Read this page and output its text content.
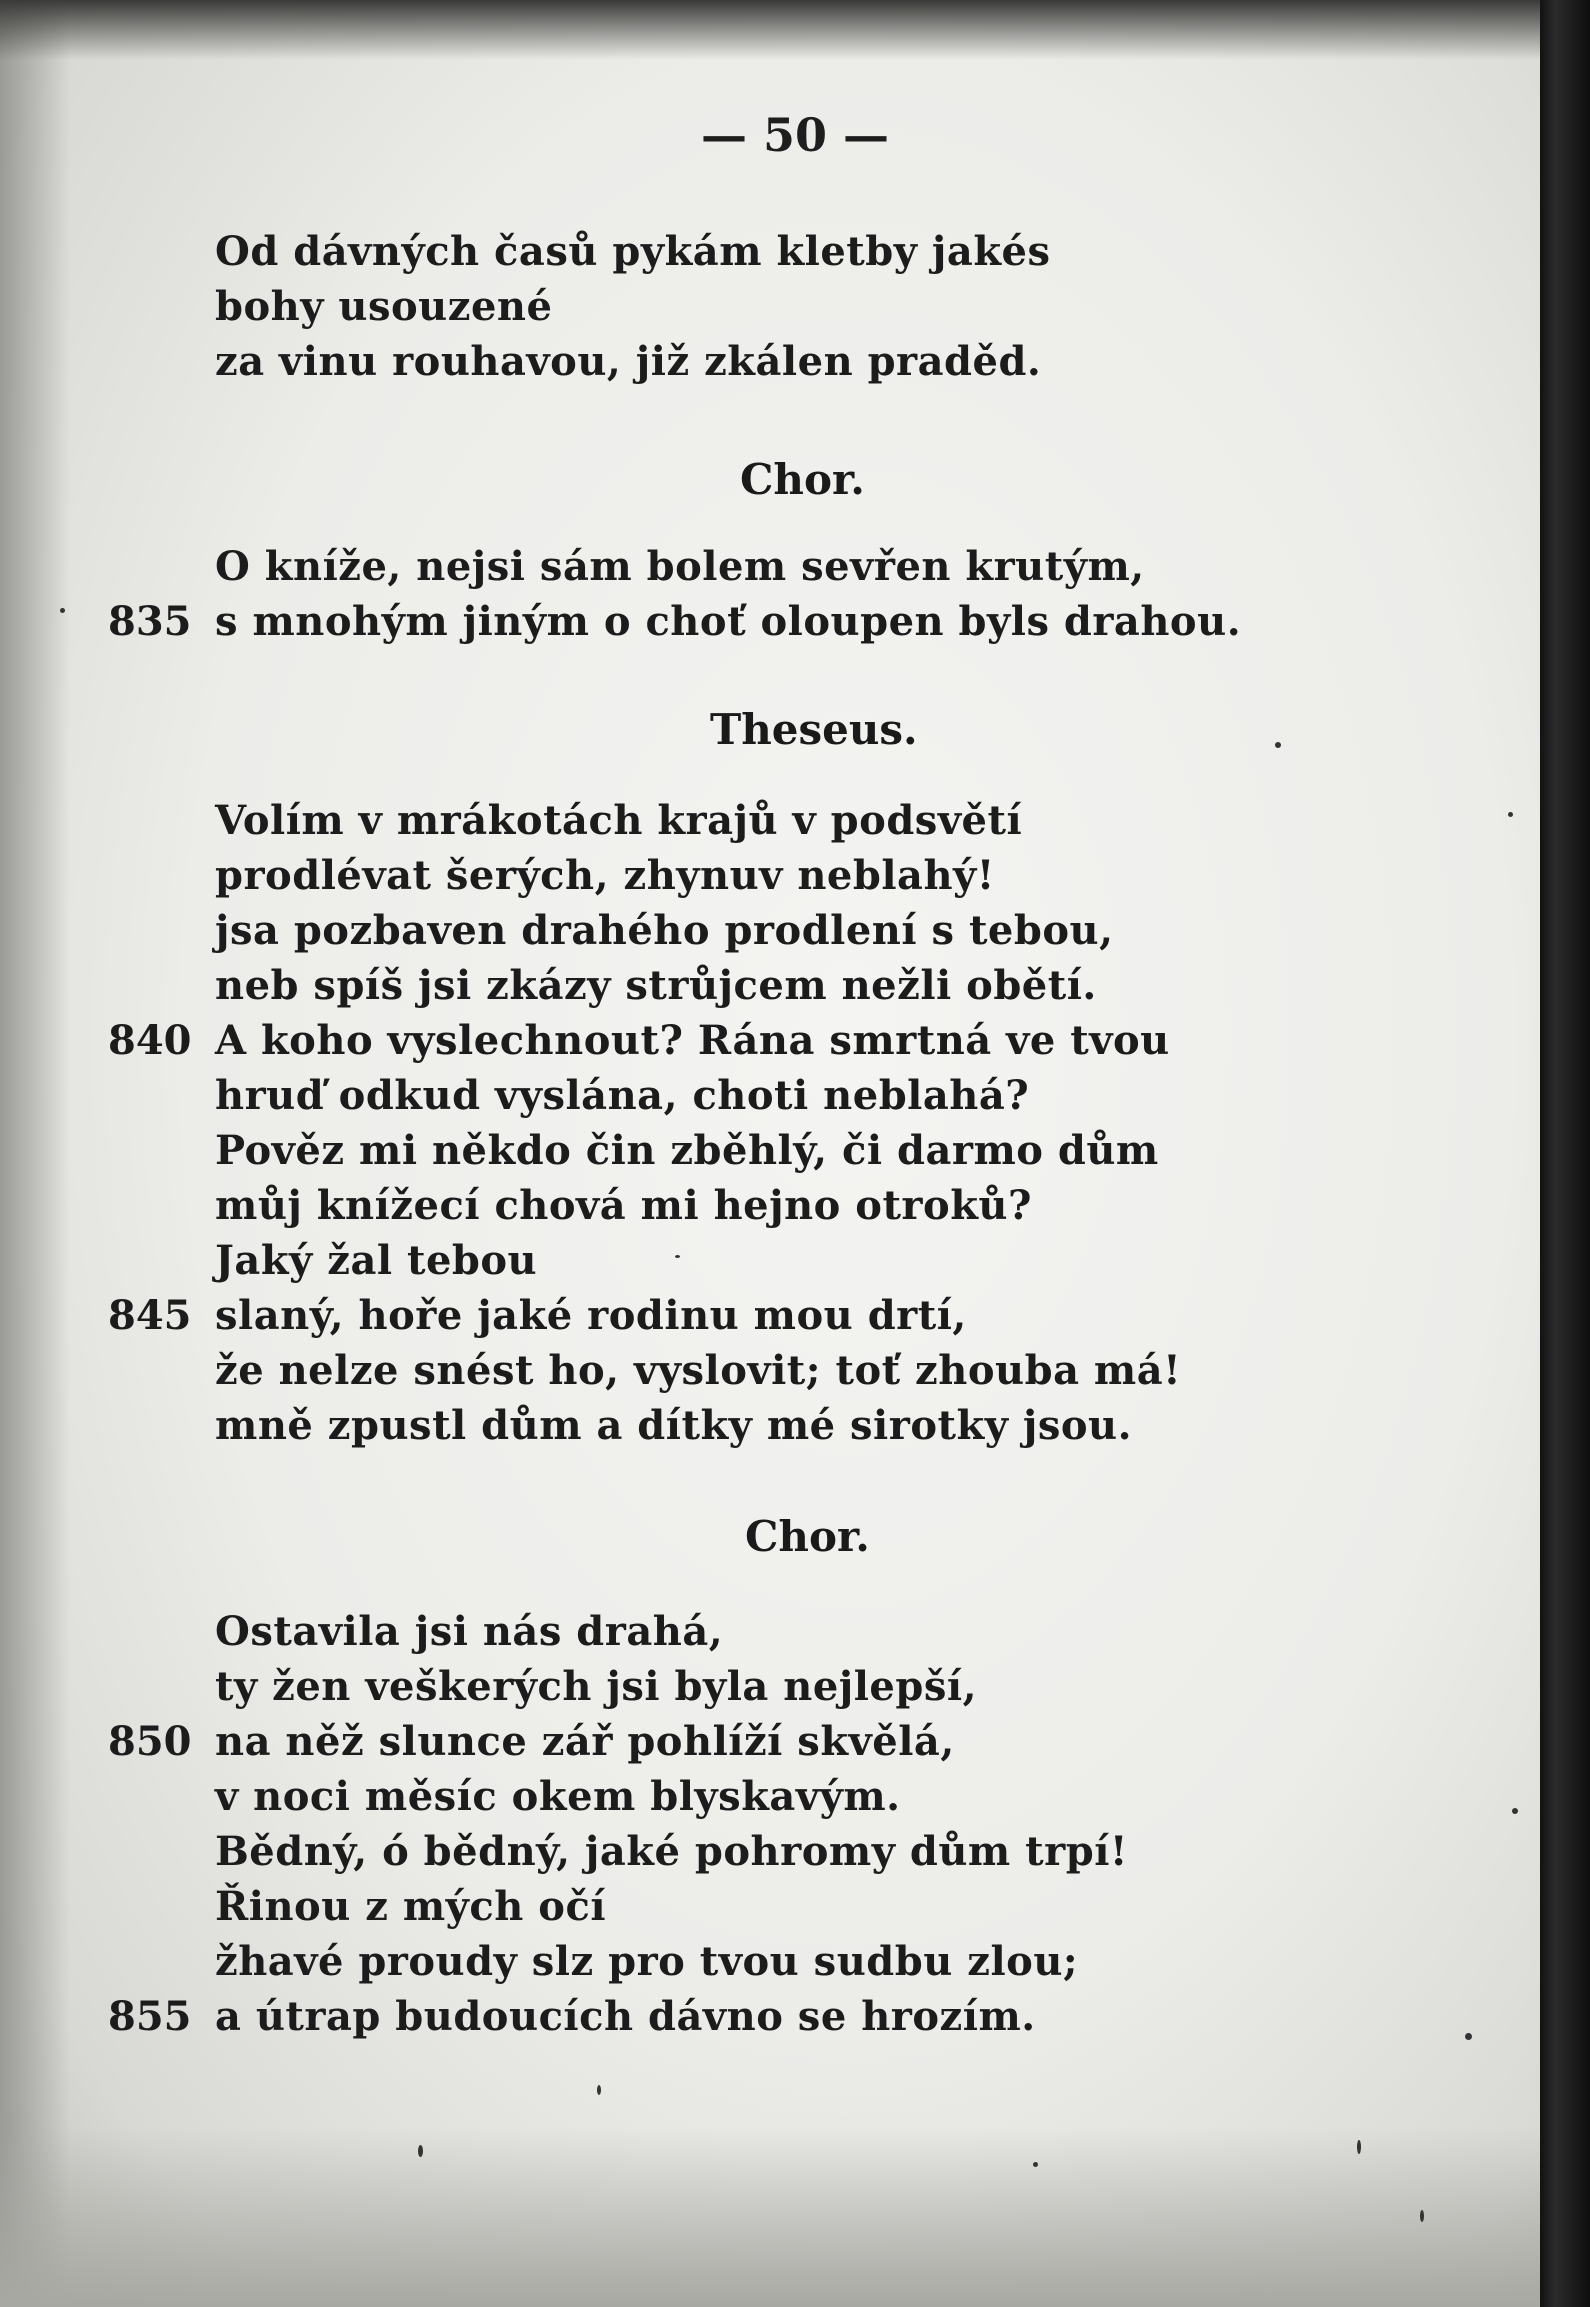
— 50 —
Od dávných časů pykám kletby jakés
bohy usouzené
za vinu rouhavou, již zkálen praděd.
Chor.
O kníže, nejsi sám bolem sevřen krutým,
835 s mnohým jiným o choť oloupen byls drahou.
Theseus.
Volím v mrákotách krajů v podsvětí
prodlévat šerých, zhynuv neblahý!
jsa pozbaven drahého prodlení s tebou,
neb spíš jsi zkázy strůjcem nežli obětí.
840 A koho vyslechnout? Rána smrtná ve tvou
hruď odkud vyslána, choti neblahá?
Pověz mi někdo čin zběhlý, či darmo dům
můj knížecí chová mi hejno otroků?
Jaký žal tebou
845 slaný, hoře jaké rodinu mou drtí,
že nelze snést ho, vyslovit; toť zhouba má!
mně zpustl dům a dítky mé sirotky jsou.
Chor.
Ostavila jsi nás drahá,
ty žen veškerých jsi byla nejlepší,
850 na něž slunce zář pohlíží skvělá,
v noci měsíc okem blyskavým.
Bědný, ó bědný, jaké pohromy dům trpí!
Řinou z mých očí
žhavé proudy slz pro tvou sudbu zlou;
855 a útrap budoucích dávno se hrozím.
